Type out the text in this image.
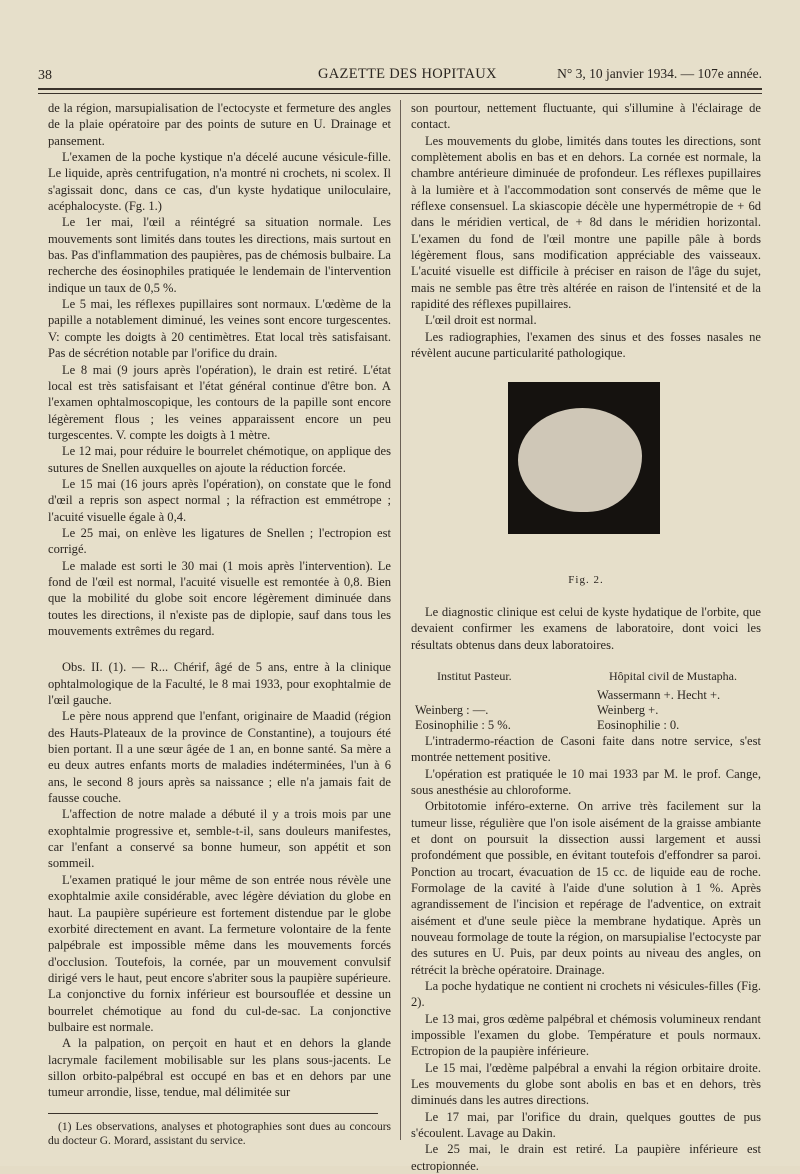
38	GAZETTE DES HOPITAUX	N° 3, 10 janvier 1934. — 107e année.

de la région, marsupialisation de l'ectocyste et fermeture des angles de la plaie opératoire par des points de suture en U. Drainage et pansement.

L'examen de la poche kystique n'a décelé aucune vésicule-fille. Le liquide, après centrifugation, n'a montré ni crochets, ni scolex. Il s'agissait donc, dans ce cas, d'un kyste hydatique uniloculaire, acéphalocyste. (Fg. 1.)

Le 1er mai, l'œil a réintégré sa situation normale. Les mouvements sont limités dans toutes les directions, mais surtout en bas. Pas d'inflammation des paupières, pas de chémosis bulbaire. La recherche des éosinophiles pratiquée le lendemain de l'intervention indique un taux de 0,5 %.

Le 5 mai, les réflexes pupillaires sont normaux. L'œdème de la papille a notablement diminué, les veines sont encore turgescentes. V: compte les doigts à 20 centimètres. Etat local très satisfaisant. Pas de sécrétion notable par l'orifice du drain.

Le 8 mai (9 jours après l'opération), le drain est retiré. L'état local est très satisfaisant et l'état général continue d'être bon. A l'examen ophtalmoscopique, les contours de la papille sont encore légèrement flous ; les veines apparaissent encore un peu turgescentes. V. compte les doigts à 1 mètre.

Le 12 mai, pour réduire le bourrelet chémotique, on applique des sutures de Snellen auxquelles on ajoute la réduction forcée.

Le 15 mai (16 jours après l'opération), on constate que le fond d'œil a repris son aspect normal ; la réfraction est emmétrope ; l'acuité visuelle égale à 0,4.

Le 25 mai, on enlève les ligatures de Snellen ; l'ectropion est corrigé.

Le malade est sorti le 30 mai (1 mois après l'intervention). Le fond de l'œil est normal, l'acuité visuelle est remontée à 0,8. Bien que la mobilité du globe soit encore légèrement diminuée dans toutes les directions, il n'existe pas de diplopie, sauf dans tous les mouvements extrêmes du regard.

Obs. II. (1). — R... Chérif, âgé de 5 ans, entre à la clinique ophtalmologique de la Faculté, le 8 mai 1933, pour exophtalmie de l'œil gauche.

Le père nous apprend que l'enfant, originaire de Maadid (région des Hauts-Plateaux de la province de Constantine), a toujours été bien portant. Il a une sœur âgée de 1 an, en bonne santé. Sa mère a eu deux autres enfants morts de maladies indéterminées, l'un à 6 ans, le second 8 jours après sa naissance ; elle n'a jamais fait de fausse couche.

L'affection de notre malade a débuté il y a trois mois par une exophtalmie progressive et, semble-t-il, sans douleurs manifestes, car l'enfant a conservé sa bonne humeur, son appétit et son sommeil.

L'examen pratiqué le jour même de son entrée nous révèle une exophtalmie axile considérable, avec légère déviation du globe en haut. La paupière supérieure est fortement distendue par le globe exorbité directement en avant. La fermeture volontaire de la fente palpébrale est impossible même dans les mouvements forcés d'occlusion. Toutefois, la cornée, par un mouvement convulsif dirigé vers le haut, peut encore s'abriter sous la paupière supérieure. La conjonctive du fornix inférieur est boursouflée et dessine un bourrelet chémotique au fond du cul-de-sac. La conjonctive bulbaire est normale.

A la palpation, on perçoit en haut et en dehors la glande lacrymale facilement mobilisable sur les plans sous-jacents. Le sillon orbito-palpébral est occupé en bas et en dehors par une tumeur arrondie, lisse, tendue, mal délimitée sur

(1) Les observations, analyses et photographies sont dues au concours du docteur G. Morard, assistant du service.

son pourtour, nettement fluctuante, qui s'illumine à l'éclairage de contact.

Les mouvements du globe, limités dans toutes les directions, sont complètement abolis en bas et en dehors. La cornée est normale, la chambre antérieure diminuée de profondeur. Les réflexes pupillaires à la lumière et à l'accommodation sont conservés de même que le réflexe consensuel. La skiascopie décèle une hypermétropie de + 6d dans le méridien vertical, de + 8d dans le méridien horizontal. L'examen du fond de l'œil montre une papille pâle à bords légèrement flous, sans modification appréciable des vaisseaux. L'acuité visuelle est difficile à préciser en raison de l'âge du sujet, mais ne semble pas être très altérée en raison de l'intensité et de la rapidité des réflexes pupillaires.

L'œil droit est normal.

Les radiographies, l'examen des sinus et des fosses nasales ne révèlent aucune particularité pathologique.

Fig. 2.

Le diagnostic clinique est celui de kyste hydatique de l'orbite, que devaient confirmer les examens de laboratoire, dont voici les résultats obtenus dans deux laboratoires.

Institut Pasteur.
Weinberg : —.
Eosinophilie : 5 %.
Hôpital civil de Mustapha.
Wassermann +. Hecht +.
Weinberg +.
Eosinophilie : 0.

L'intradermo-réaction de Casoni faite dans notre service, s'est montrée nettement positive.

L'opération est pratiquée le 10 mai 1933 par M. le prof. Cange, sous anesthésie au chloroforme.

Orbitotomie inféro-externe. On arrive très facilement sur la tumeur lisse, régulière que l'on isole aisément de la graisse ambiante et dont on poursuit la dissection aussi largement et aussi profondément que possible, en évitant toutefois d'effondrer sa paroi. Ponction au trocart, évacuation de 15 cc. de liquide eau de roche. Formolage de la cavité à l'aide d'une solution à 1 %. Après agrandissement de l'incision et repérage de l'adventice, on extrait aisément et d'une seule pièce la membrane hydatique. Après un nouveau formolage de toute la région, on marsupialise l'ectocyste par des sutures en U. Puis, par deux points au niveau des angles, on rétrécit la brèche opératoire. Drainage.

La poche hydatique ne contient ni crochets ni vésicules-filles (Fig. 2).

Le 13 mai, gros œdème palpébral et chémosis volumineux rendant impossible l'examen du globe. Température et pouls normaux. Ectropion de la paupière inférieure.

Le 15 mai, l'œdème palpébral a envahi la région orbitaire droite. Les mouvements du globe sont abolis en bas et en dehors, très diminués dans les autres directions.

Le 17 mai, par l'orifice du drain, quelques gouttes de pus s'écoulent. Lavage au Dakin.

Le 25 mai, le drain est retiré. La paupière inférieure est ectropionnée.
